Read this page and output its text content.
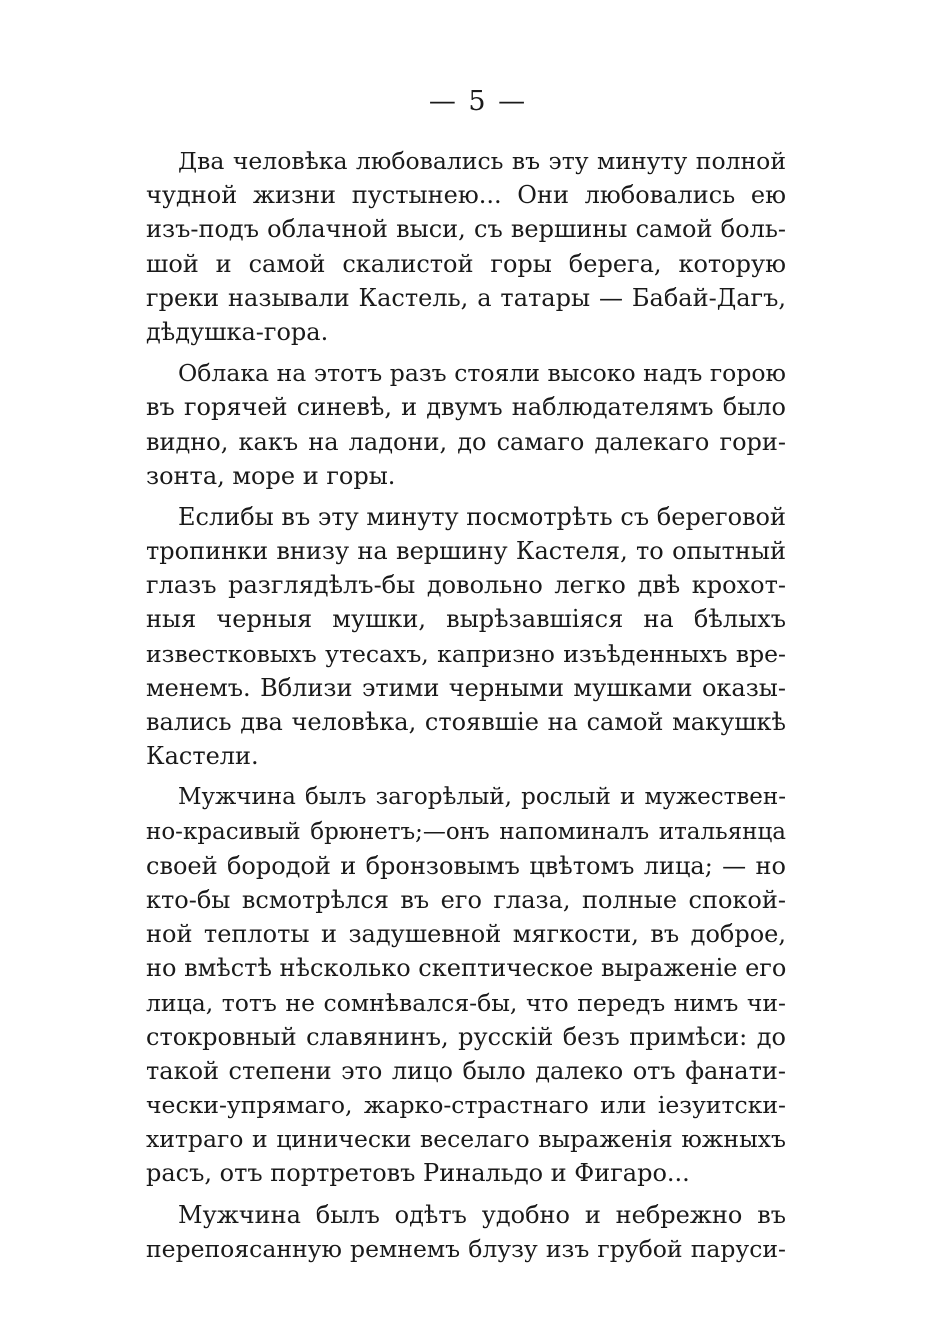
— 5 —
Два человѣка любовались въ эту минуту полной
чудной жизни пустынею... Они любовались ею
изъ-подъ облачной выси, съ вершины самой боль-
шой и самой скалистой горы берега, которую
греки называли Кастель, а татары — Бабай-Дагъ,
дѣдушка-гора.
Облака на этотъ разъ стояли высоко надъ горою
въ горячей синевѣ, и двумъ наблюдателямъ было
видно, какъ на ладони, до самаго далекаго гори-
зонта, море и горы.
Еслибы въ эту минуту посмотрѣть съ береговой
тропинки внизу на вершину Кастеля, то опытный
глазъ разглядѣлъ-бы довольно легко двѣ крохот-
ныя черныя мушки, вырѣзавшiяся на бѣлыхъ
известковыхъ утесахъ, капризно изъѣденныхъ вре-
менемъ. Вблизи этими черными мушками оказы-
вались два человѣка, стоявшiе на самой макушкѣ
Кастели.
Мужчина былъ загорѣлый, рослый и мужествен-
но-красивый брюнетъ;—онъ напоминалъ итальянца
своей бородой и бронзовымъ цвѣтомъ лица; — но
кто-бы всмотрѣлся въ его глаза, полные спокой-
ной теплоты и задушевной мягкости, въ доброе,
но вмѣстѣ нѣсколько скептическое выраженiе его
лица, тотъ не сомнѣвался-бы, что передъ нимъ чи-
стокровный славянинъ, русскiй безъ примѣси: до
такой степени это лицо было далеко отъ фанати-
чески-упрямаго, жарко-страстнаго или iезуитски-
хитраго и цинически веселаго выраженiя южныхъ
расъ, отъ портретовъ Ринальдо и Фигаро...
Мужчина былъ одѣтъ удобно и небрежно въ
перепоясанную ремнемъ блузу изъ грубой паруси-
